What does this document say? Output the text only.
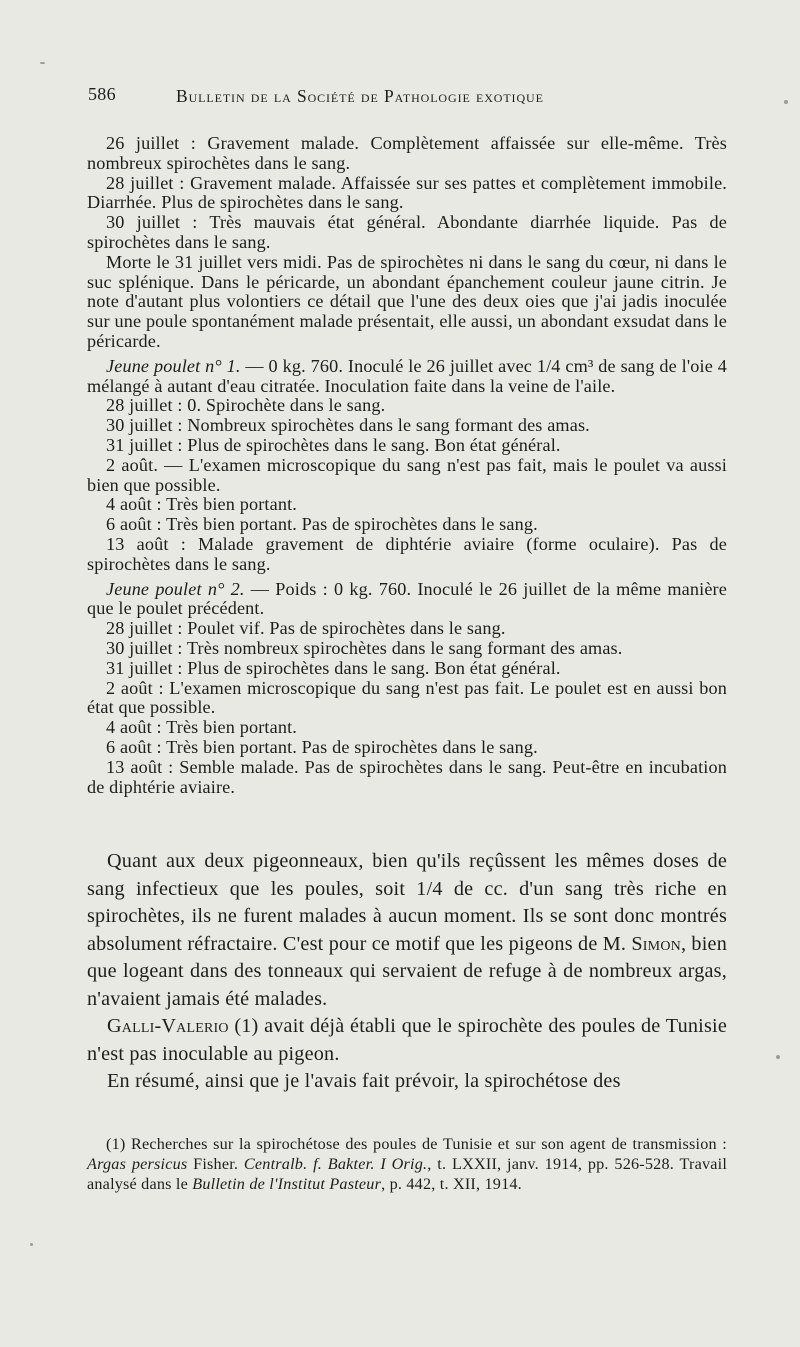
586	Bulletin de la Société de Pathologie exotique

26 juillet : Gravement malade. Complètement affaissée sur elle-même. Très nombreux spirochètes dans le sang.

28 juillet : Gravement malade. Affaissée sur ses pattes et complètement immobile. Diarrhée. Plus de spirochètes dans le sang.

30 juillet : Très mauvais état général. Abondante diarrhée liquide. Pas de spirochètes dans le sang.

Morte le 31 juillet vers midi. Pas de spirochètes ni dans le sang du cœur, ni dans le suc splénique. Dans le péricarde, un abondant épanchement couleur jaune citrin. Je note d'autant plus volontiers ce détail que l'une des deux oies que j'ai jadis inoculée sur une poule spontanément malade présentait, elle aussi, un abondant exsudat dans le péricarde.

Jeune poulet n° 1. — 0 kg. 760. Inoculé le 26 juillet avec 1/4 cm³ de sang de l'oie 4 mélangé à autant d'eau citratée. Inoculation faite dans la veine de l'aile.

28 juillet : 0. Spirochète dans le sang.

30 juillet : Nombreux spirochètes dans le sang formant des amas.

31 juillet : Plus de spirochètes dans le sang. Bon état général.

2 août. — L'examen microscopique du sang n'est pas fait, mais le poulet va aussi bien que possible.

4 août : Très bien portant.

6 août : Très bien portant. Pas de spirochètes dans le sang.

13 août : Malade gravement de diphtérie aviaire (forme oculaire). Pas de spirochètes dans le sang.

Jeune poulet n° 2. — Poids : 0 kg. 760. Inoculé le 26 juillet de la même manière que le poulet précédent.

28 juillet : Poulet vif. Pas de spirochètes dans le sang.

30 juillet : Très nombreux spirochètes dans le sang formant des amas.

31 juillet : Plus de spirochètes dans le sang. Bon état général.

2 août : L'examen microscopique du sang n'est pas fait. Le poulet est en aussi bon état que possible.

4 août : Très bien portant.

6 août : Très bien portant. Pas de spirochètes dans le sang.

13 août : Semble malade. Pas de spirochètes dans le sang. Peut-être en incubation de diphtérie aviaire.

Quant aux deux pigeonneaux, bien qu'ils reçûssent les mêmes doses de sang infectieux que les poules, soit 1/4 de cc. d'un sang très riche en spirochètes, ils ne furent malades à aucun moment. Ils se sont donc montrés absolument réfractaire. C'est pour ce motif que les pigeons de M. Simon, bien que logeant dans des tonneaux qui servaient de refuge à de nombreux argas, n'avaient jamais été malades.

Galli-Valerio (1) avait déjà établi que le spirochète des poules de Tunisie n'est pas inoculable au pigeon.

En résumé, ainsi que je l'avais fait prévoir, la spirochétose des

(1) Recherches sur la spirochétose des poules de Tunisie et sur son agent de transmission : Argas persicus Fisher. Centralb. f. Bakter. I Orig., t. LXXII, janv. 1914, pp. 526-528. Travail analysé dans le Bulletin de l'Institut Pasteur, p. 442, t. XII, 1914.
